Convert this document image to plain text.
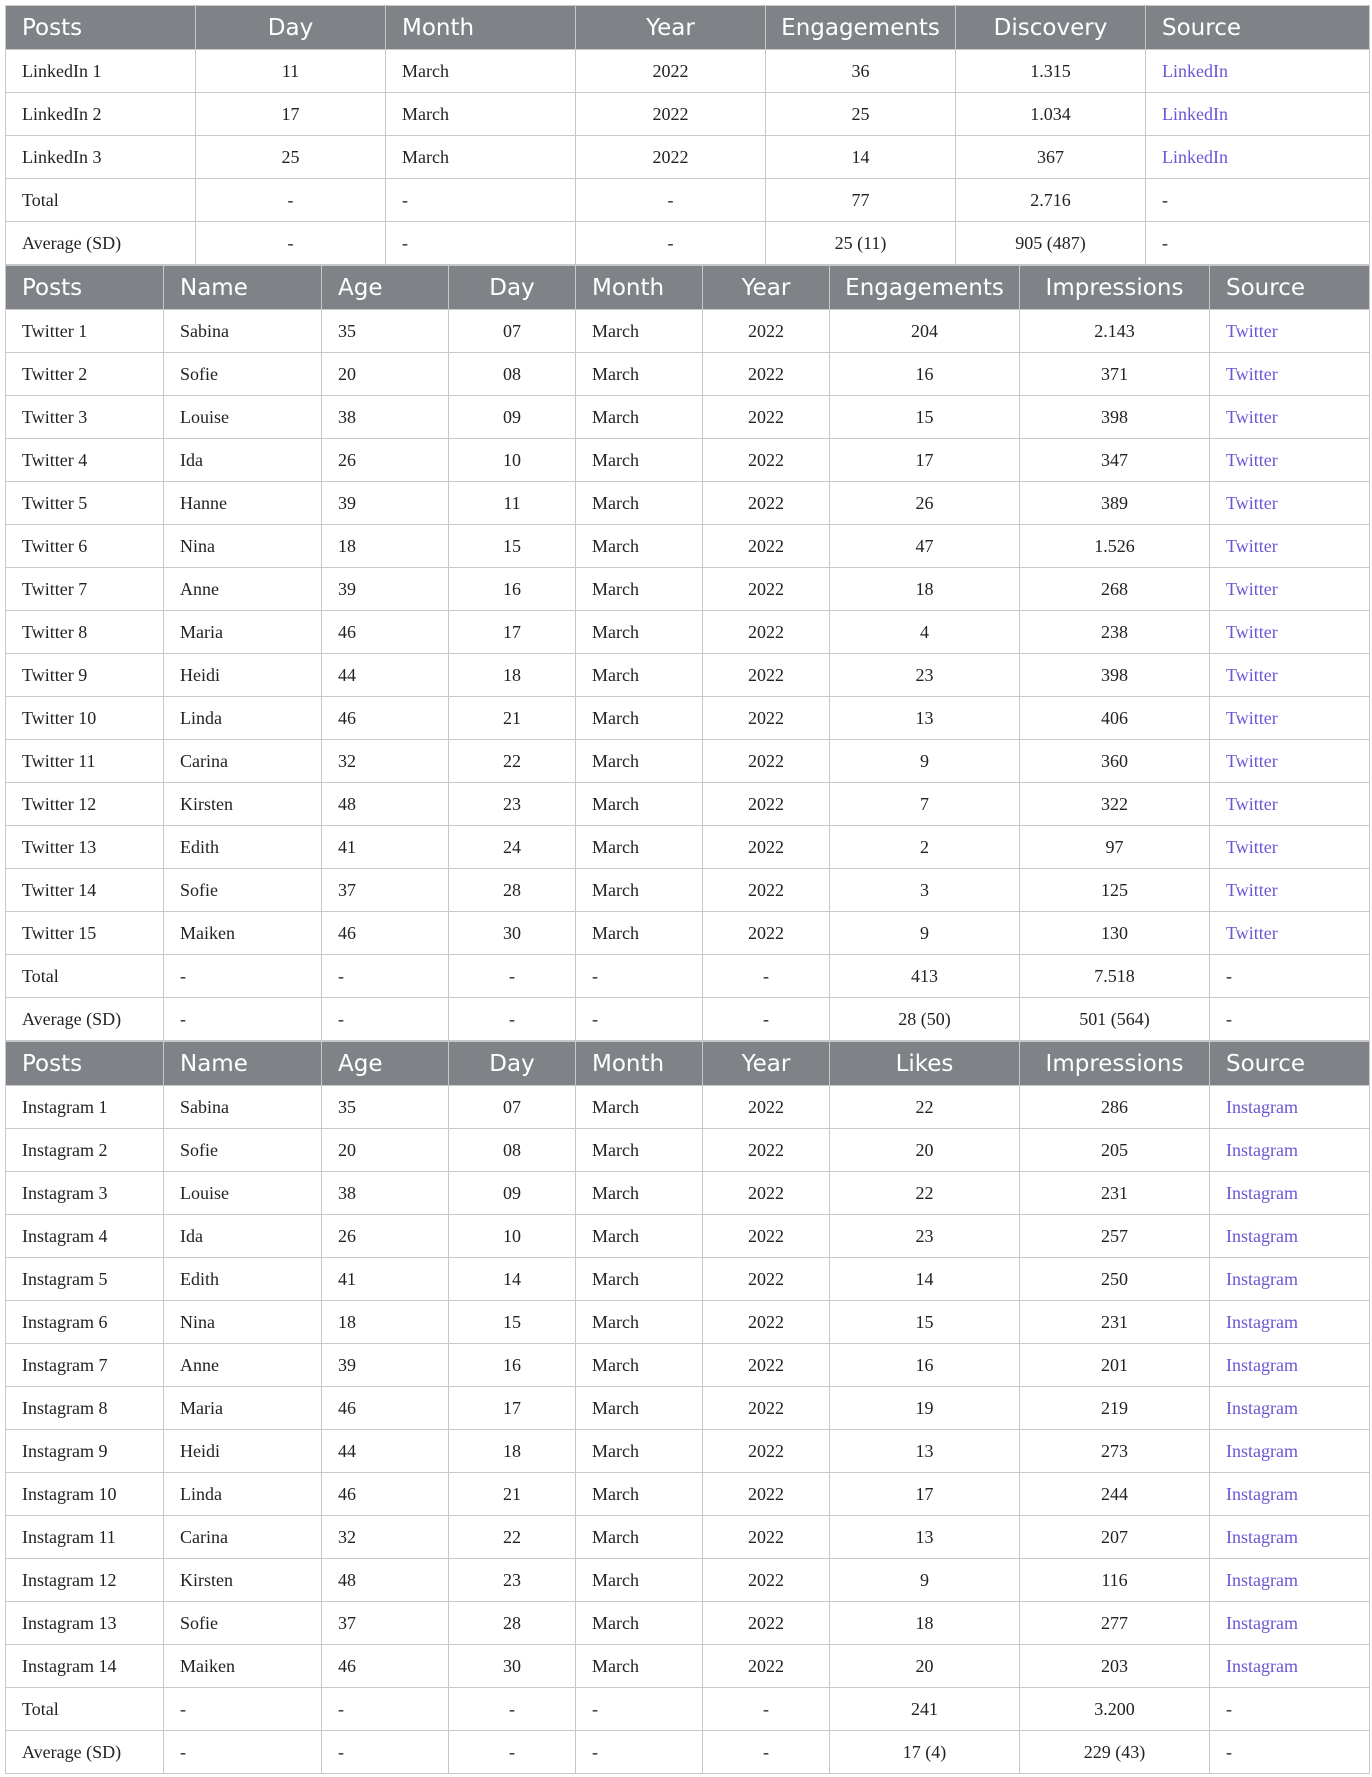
Posts	Day	Month	Year	Engagements	Discovery	Source
LinkedIn 1	11	March	2022	36	1.315	LinkedIn
LinkedIn 2	17	March	2022	25	1.034	LinkedIn
LinkedIn 3	25	March	2022	14	367	LinkedIn
Total	-	-	-	77	2.716	-
Average (SD)	-	-	-	25 (11)	905 (487)	-
Posts	Name	Age	Day	Month	Year	Engagements	Impressions	Source
Twitter 1	Sabina	35	07	March	2022	204	2.143	Twitter
Twitter 2	Sofie	20	08	March	2022	16	371	Twitter
Twitter 3	Louise	38	09	March	2022	15	398	Twitter
Twitter 4	Ida	26	10	March	2022	17	347	Twitter
Twitter 5	Hanne	39	11	March	2022	26	389	Twitter
Twitter 6	Nina	18	15	March	2022	47	1.526	Twitter
Twitter 7	Anne	39	16	March	2022	18	268	Twitter
Twitter 8	Maria	46	17	March	2022	4	238	Twitter
Twitter 9	Heidi	44	18	March	2022	23	398	Twitter
Twitter 10	Linda	46	21	March	2022	13	406	Twitter
Twitter 11	Carina	32	22	March	2022	9	360	Twitter
Twitter 12	Kirsten	48	23	March	2022	7	322	Twitter
Twitter 13	Edith	41	24	March	2022	2	97	Twitter
Twitter 14	Sofie	37	28	March	2022	3	125	Twitter
Twitter 15	Maiken	46	30	March	2022	9	130	Twitter
Total	-	-	-	-	-	413	7.518	-
Average (SD)	-	-	-	-	-	28 (50)	501 (564)	-
Posts	Name	Age	Day	Month	Year	Likes	Impressions	Source
Instagram 1	Sabina	35	07	March	2022	22	286	Instagram
Instagram 2	Sofie	20	08	March	2022	20	205	Instagram
Instagram 3	Louise	38	09	March	2022	22	231	Instagram
Instagram 4	Ida	26	10	March	2022	23	257	Instagram
Instagram 5	Edith	41	14	March	2022	14	250	Instagram
Instagram 6	Nina	18	15	March	2022	15	231	Instagram
Instagram 7	Anne	39	16	March	2022	16	201	Instagram
Instagram 8	Maria	46	17	March	2022	19	219	Instagram
Instagram 9	Heidi	44	18	March	2022	13	273	Instagram
Instagram 10	Linda	46	21	March	2022	17	244	Instagram
Instagram 11	Carina	32	22	March	2022	13	207	Instagram
Instagram 12	Kirsten	48	23	March	2022	9	116	Instagram
Instagram 13	Sofie	37	28	March	2022	18	277	Instagram
Instagram 14	Maiken	46	30	March	2022	20	203	Instagram
Total	-	-	-	-	-	241	3.200	-
Average (SD)	-	-	-	-	-	17 (4)	229 (43)	-
